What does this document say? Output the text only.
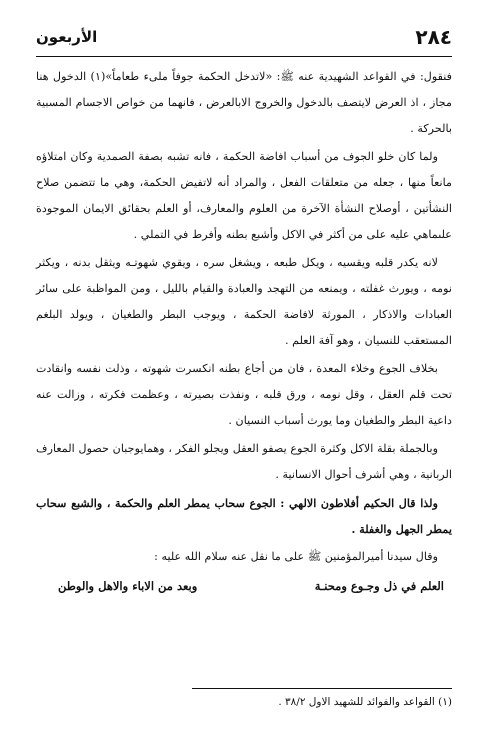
٢٨٤
الأربعون

فنقول: في القواعد الشهيدية عنه ﷺ: «لاتدخل الحكمة جوفاً ملىء طعاماً»(١) الدخول هنا مجاز ، اذ العرض لايتصف بالدخول والخروج الابالعرض ، فانهما من خواص الاجسام المسبية بالحركة .

ولما كان خلو الجوف من أسباب افاضة الحكمة ، فانه تشبه بصفة الصمدية وكان امتلاؤه مانعاً منها ، جعله من متعلقات الفعل ، والمراد أنه لاتفيض الحكمة، وهي ما تتضمن صلاح النشأتين ، أوصلاح النشأة الآخرة من العلوم والمعارف، أو العلم بحقائق الايمان الموجودة علىماهي عليه على من أكثر في الاكل وأشبع بطنه وأفرط في التملي .

لانه يكدر قلبه ويقسيه ، ويكل طبعه ، ويشغل سره ، ويقوي شهوتـه ويثقل بدنه ، ويكثر نومه ، ويورث غفلته ، ويمنعه من التهجد والعبادة والقيام بالليل ، ومن المواظبة على سائر العبادات والاذكار ، المورثة لافاضة الحكمة ، ويوجب البطر والطغيان ، ويولد البلغم المستعقب للنسيان ، وهو آفة العلم .

بخلاف الجوع وخلاء المعدة ، فان من أجاع بطنه انكسرت شهوته ، وذلت نفسه وانقادت تحت قلم العقل ، وقل نومه ، ورق قلبه ، ونفذت بصيرته ، وعظمت فكرته ، وزالت عنه داعية البطر والطغيان وما يورث أسباب النسيان .

وبالجملة بقلة الاكل وكثرة الجوع يصفو العقل ويجلو الفكر ، وهمايوجبان حصول المعارف الربانية ، وهي أشرف أحوال الانسانية .

ولذا قال الحكيم أفلاطون الالهي : الجوع سحاب يمطر العلم والحكمة ، والشبع سحاب يمطر الجهل والغفلة .

وقال سيدنا أميرالمؤمنين ﷺ على ما نقل عنه سلام الله عليه :

العلم في ذل وجـوع ومحنـة
وبعد من الاباء والاهل والوطن
(١) القواعد والفوائد للشهيد الاول ٣٨/٢ .
